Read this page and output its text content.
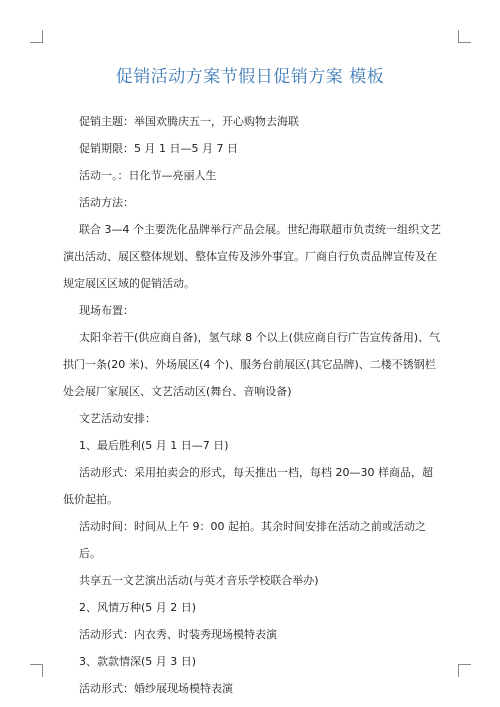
促销活动方案节假日促销方案 模板

促销主题：举国欢腾庆五一，开心购物去海联

促销期限：5 月 1 日—5 月 7 日

活动一。：日化节—亮丽人生

活动方法：

联合 3—4 个主要洗化品牌举行产品会展。世纪海联超市负责统一组织文艺演出活动、展区整体规划、整体宣传及涉外事宜。厂商自行负责品牌宣传及在规定展区区域的促销活动。

现场布置：

太阳伞若干(供应商自备)，氢气球 8 个以上(供应商自行广告宣传备用)、气拱门一条(20 米)、外场展区(4 个)、服务台前展区(其它品牌)、二楼不锈钢栏处会展厂家展区、文艺活动区(舞台、音响设备)

文艺活动安排：

1、最后胜利(5 月 1 日—7 日)

活动形式：采用拍卖会的形式，每天推出一档，每档 20—30 样商品，超低价起拍。

活动时间：时间从上午 9：00 起拍。其余时间安排在活动之前或活动之后。

共享五一文艺演出活动(与英才音乐学校联合举办)

2、风情万种(5 月 2 日)

活动形式：内衣秀、时装秀现场模特表演

3、款款情深(5 月 3 日)

活动形式：婚纱展现场模特表演
